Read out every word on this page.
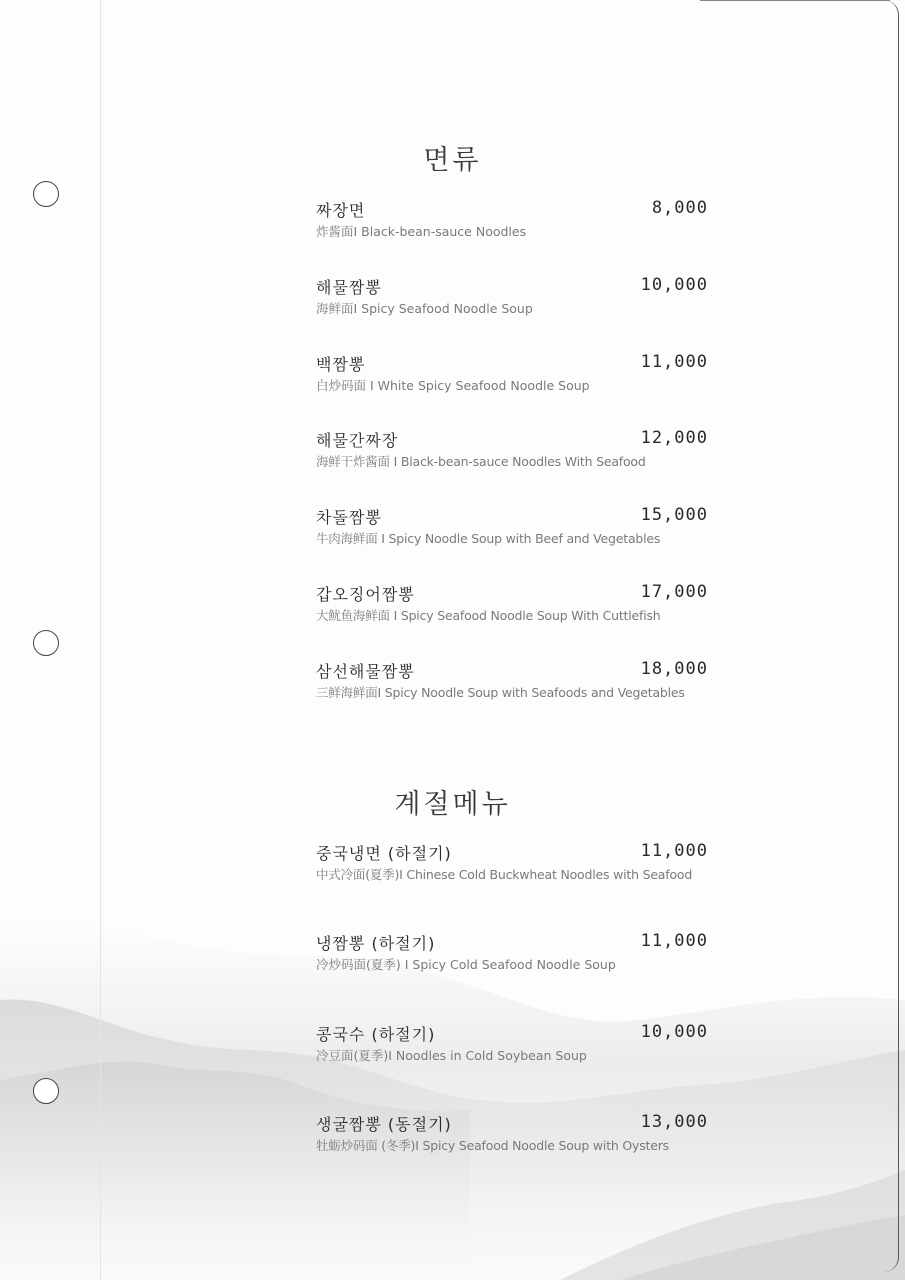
면류
짜장면	8,000
炸酱面I Black-bean-sauce Noodles
해물짬뽕	10,000
海鲜面I Spicy Seafood Noodle Soup
백짬뽕	11,000
白炒码面 I White Spicy Seafood Noodle Soup
해물간짜장	12,000
海鲜干炸酱面 I Black-bean-sauce Noodles With Seafood
차돌짬뽕	15,000
牛肉海鲜面 I Spicy Noodle Soup with Beef and Vegetables
갑오징어짬뽕	17,000
大鱿鱼海鲜面 I Spicy Seafood Noodle Soup With Cuttlefish
삼선해물짬뽕	18,000
三鲜海鲜面I Spicy Noodle Soup with Seafoods and Vegetables
계절메뉴
중국냉면 (하절기)	11,000
中式冷面(夏季)I Chinese Cold Buckwheat Noodles with Seafood
냉짬뽕 (하절기)	11,000
冷炒码面(夏季) I Spicy Cold Seafood Noodle Soup
콩국수 (하절기)	10,000
冷豆面(夏季)I Noodles in Cold Soybean Soup
생굴짬뽕 (동절기)	13,000
牡蛎炒码面 (冬季)I Spicy Seafood Noodle Soup with Oysters
